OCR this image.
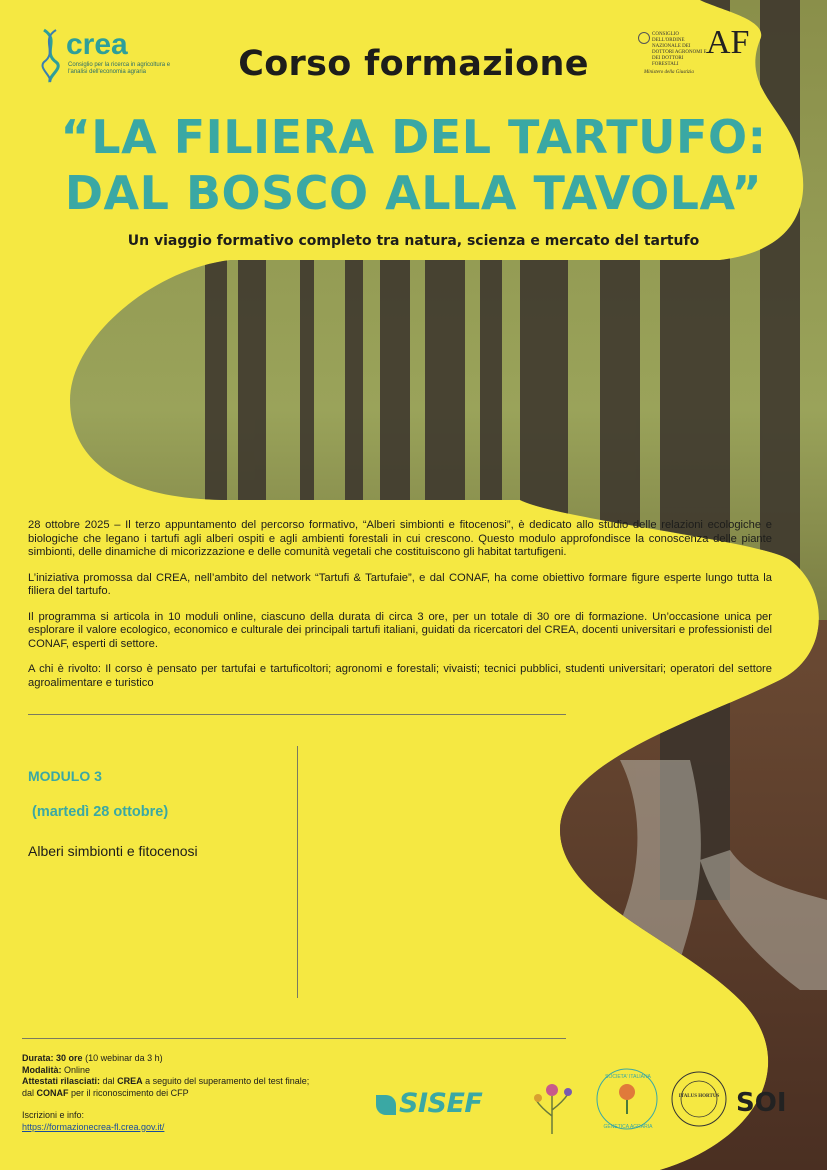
crea
Consiglio per la ricerca in agricoltura e l'analisi dell'economia agraria
CONSIGLIO DELL'ORDINE NAZIONALE DEI DOTTORI AGRONOMI E DEI DOTTORI FORESTALI
AF
Ministero della Giustizia
Corso formazione
“LA FILIERA DEL TARTUFO:
DAL BOSCO ALLA TAVOLA”
Un viaggio formativo completo tra natura, scienza e mercato del tartufo

28 ottobre 2025 – Il terzo appuntamento del percorso formativo, “Alberi simbionti e fitocenosi”, è dedicato allo studio delle relazioni ecologiche e biologiche che legano i tartufi agli alberi ospiti e agli ambienti forestali in cui crescono. Questo modulo approfondisce la conoscenza delle piante simbionti, delle dinamiche di micorizzazione e delle comunità vegetali che costituiscono gli habitat tartufigeni.

L’iniziativa promossa dal CREA, nell’ambito del network “Tartufi & Tartufaie”, e dal CONAF, ha come obiettivo formare figure esperte lungo tutta la filiera del tartufo.

Il programma si articola in 10 moduli online, ciascuno della durata di circa 3 ore, per un totale di 30 ore di formazione. Un’occasione unica per esplorare il valore ecologico, economico e culturale dei principali tartufi italiani, guidati da ricercatori del CREA, docenti universitari e professionisti del CONAF, esperti di settore.

A chi è rivolto: Il corso è pensato per tartufai e tartuficoltori; agronomi e forestali; vivaisti; tecnici pubblici, studenti universitari; operatori del settore agroalimentare e turistico

MODULO 3
(martedì 28 ottobre)
Alberi simbionti e fitocenosi
Durata: 30 ore (10 webinar da 3 h)
Modalità: Online
Attestati rilasciati: dal CREA a seguito del superamento del test finale;
dal CONAF per il riconoscimento dei CFP
Iscrizioni e info:
https://formazionecrea-fl.crea.gov.it/
SISEF
SOCIETA' ITALIANA
GENETICA AGRARIA
ITALUS HORTUS SOI
